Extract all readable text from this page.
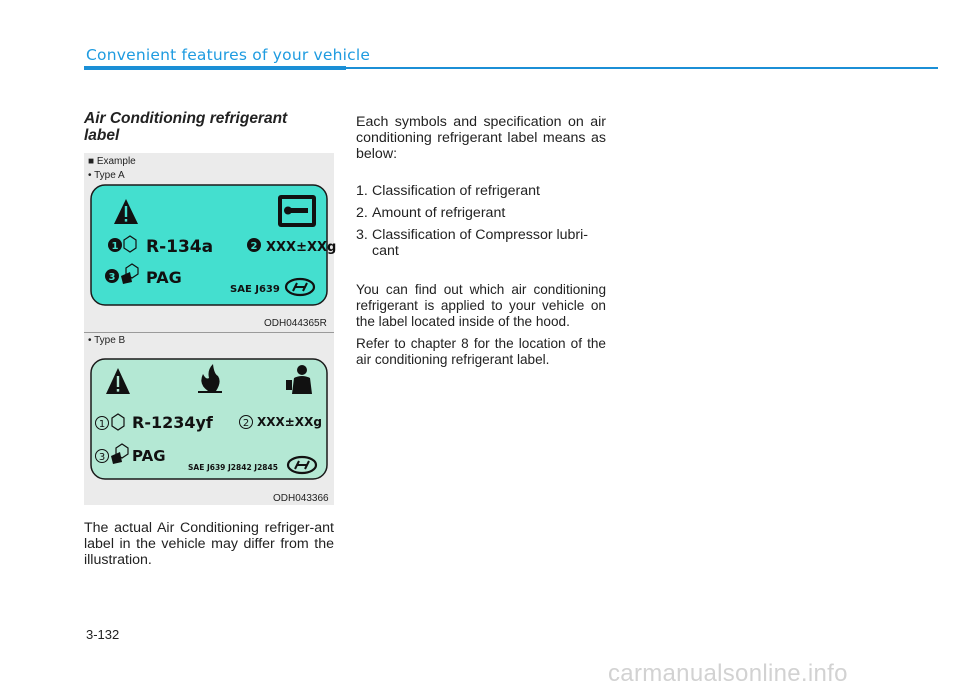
Convenient features of your vehicle
Air Conditioning refrigerant
label
■ Example
• Type A
1 R-134a	2 XXX±XXg
3 PAG
SAE J639
ODH044365R
• Type B
1 R-1234yf	2 XXX±XXg
3 PAG
SAE J639 J2842 J2845
ODH043366
The actual Air Conditioning refriger-ant label in the vehicle may differ from the illustration.
Each symbols and specification on air conditioning refrigerant label means as below:
1. Classification of refrigerant
2. Amount of refrigerant
3. Classification of Compressor lubri-cant
You can find out which air conditioning refrigerant is applied to your vehicle on the label located inside of the hood.
Refer to chapter 8 for the location of the air conditioning refrigerant label.
3-132
carmanualsonline.info
